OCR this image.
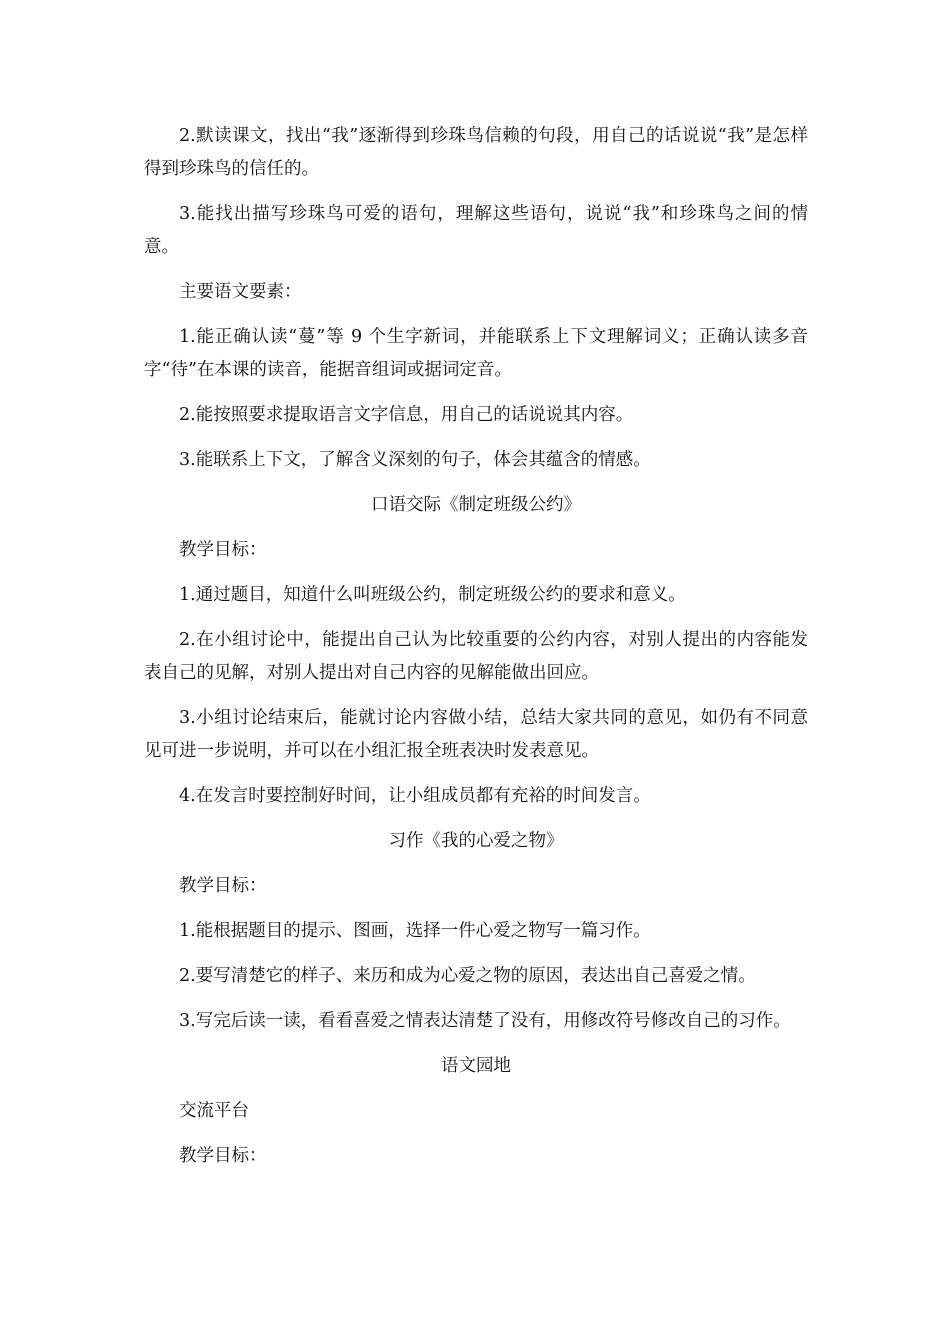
2.默读课文，找出“我”逐渐得到珍珠鸟信赖的句段，用自己的话说说“我”是怎样得到珍珠鸟的信任的。

3.能找出描写珍珠鸟可爱的语句，理解这些语句，说说“我”和珍珠鸟之间的情意。

主要语文要素：

1.能正确认读“蔓”等 9 个生字新词，并能联系上下文理解词义；正确认读多音字“待”在本课的读音，能据音组词或据词定音。

2.能按照要求提取语言文字信息，用自己的话说说其内容。

3.能联系上下文，了解含义深刻的句子，体会其蕴含的情感。

口语交际《制定班级公约》

教学目标：

1.通过题目，知道什么叫班级公约，制定班级公约的要求和意义。

2.在小组讨论中，能提出自己认为比较重要的公约内容，对别人提出的内容能发表自己的见解，对别人提出对自己内容的见解能做出回应。

3.小组讨论结束后，能就讨论内容做小结，总结大家共同的意见，如仍有不同意见可进一步说明，并可以在小组汇报全班表决时发表意见。

4.在发言时要控制好时间，让小组成员都有充裕的时间发言。

习作《我的心爱之物》

教学目标：

1.能根据题目的提示、图画，选择一件心爱之物写一篇习作。

2.要写清楚它的样子、来历和成为心爱之物的原因，表达出自己喜爱之情。

3.写完后读一读，看看喜爱之情表达清楚了没有，用修改符号修改自己的习作。

语文园地

交流平台

教学目标：
